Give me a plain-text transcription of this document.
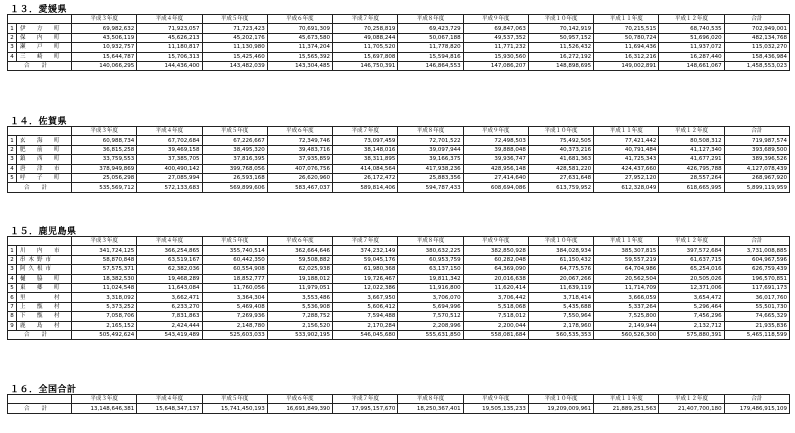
１３．愛媛県
		平成３年度	平成４年度	平成５年度	平成６年度	平成７年度	平成８年度	平成９年度	平成１０年度	平成１１年度	平成１２年度	合計
1	伊　方　町	69,982,632	71,923,057	71,723,423	70,691,309	70,258,819	69,423,729	69,847,063	70,142,919	70,215,515	68,740,535	702,949,001
2	保　内　町	43,506,119	45,626,213	45,202,176	45,673,580	49,088,244	50,067,188	49,537,352	50,957,152	50,780,724	51,696,020	482,134,768
3	瀬　戸　町	10,932,757	11,180,817	11,130,980	11,374,204	11,705,520	11,778,820	11,771,232	11,526,432	11,694,436	11,937,072	115,032,270
4	三　崎　町	15,644,787	15,706,313	15,425,460	15,565,392	15,697,808	15,594,816	15,930,560	16,272,192	16,312,216	16,287,440	158,436,984
合計		140,066,295	144,436,400	143,482,039	143,304,485	146,750,391	146,864,553	147,086,207	148,898,695	149,002,891	148,661,067	1,458,553,023
１４．佐賀県
		平成３年度	平成４年度	平成５年度	平成６年度	平成７年度	平成８年度	平成９年度	平成１０年度	平成１１年度	平成１２年度	合計
1	玄　海　町	60,988,734	67,702,684	67,226,667	72,349,746	73,097,459	72,701,522	72,498,503	75,492,505	77,421,442	80,508,312	719,987,574
2	肥　前　町	36,815,258	39,469,158	38,495,320	39,483,716	38,148,016	39,097,944	39,888,048	40,373,216	40,791,484	41,127,340	393,689,500
3	鎮　西　町	33,759,553	37,385,705	37,816,395	37,935,859	38,311,895	39,166,375	39,936,747	41,681,363	41,725,343	41,677,291	389,396,526
4	唐　津　市	378,949,869	400,490,142	399,768,056	407,076,756	414,084,564	417,938,236	428,956,148	428,581,220	424,437,660	426,795,788	4,127,078,439
5	呼　子　町	25,056,298	27,085,994	26,593,168	26,620,960	26,172,472	25,883,356	27,414,640	27,631,648	27,952,120	28,557,264	268,967,920
合計		535,569,712	572,133,683	569,899,606	583,467,037	589,814,406	594,787,433	608,694,086	613,759,952	612,328,049	618,665,995	5,899,119,959
１５．鹿児島県
		平成３年度	平成４年度	平成５年度	平成６年度	平成７年度	平成８年度	平成９年度	平成１０年度	平成１１年度	平成１２年度	合計
1	川　内　市	341,724,125	366,254,865	355,740,514	362,664,646	374,232,149	380,632,225	382,850,928	384,028,934	385,307,815	397,572,684	3,731,008,885
2	串木野市	58,870,848	63,519,167	60,442,350	59,508,882	59,045,176	60,953,759	60,282,048	61,150,432	59,557,219	61,637,715	604,967,596
3	阿久根市	57,575,371	62,382,036	60,554,908	62,025,938	61,980,368	63,137,150	64,369,090	64,775,576	64,704,986	65,254,016	626,759,439
4	樋　脇　町	18,382,530	19,468,289	18,852,777	19,188,012	19,726,467	19,811,342	20,016,638	20,067,266	20,562,504	20,505,026	196,570,851
5	東　郷　町	11,024,548	11,643,084	11,760,056	11,979,051	12,022,386	11,916,800	11,620,414	11,639,119	11,714,709	12,371,006	117,691,173
6	里　　　村	3,318,092	3,662,471	3,364,304	3,553,486	3,667,950	3,706,070	3,706,442	3,718,414	3,666,059	3,654,472	36,017,760
7	上　甑　村	5,373,252	6,233,270	5,469,408	5,536,908	5,606,412	5,694,996	5,518,068	5,435,688	5,337,264	5,296,464	55,501,730
8	下　甑　村	7,058,706	7,831,863	7,269,936	7,288,752	7,594,488	7,570,512	7,518,012	7,550,964	7,525,800	7,456,296	74,665,329
9	鹿　島　村	2,165,152	2,424,444	2,148,780	2,156,520	2,170,284	2,208,996	2,200,044	2,178,960	2,149,944	2,132,712	21,935,836
合計		505,492,624	543,419,489	525,603,033	533,902,195	546,045,680	555,631,850	558,081,684	560,535,353	560,526,300	575,880,391	5,465,118,599
１６．全国合計
	平成３年度	平成４年度	平成５年度	平成６年度	平成７年度	平成８年度	平成９年度	平成１０年度	平成１１年度	平成１２年度	合計
合計	13,148,646,381	15,648,347,137	15,741,450,193	16,691,849,390	17,995,157,670	18,250,367,401	19,505,135,233	19,209,009,961	21,889,251,563	21,407,700,180	179,486,915,109
